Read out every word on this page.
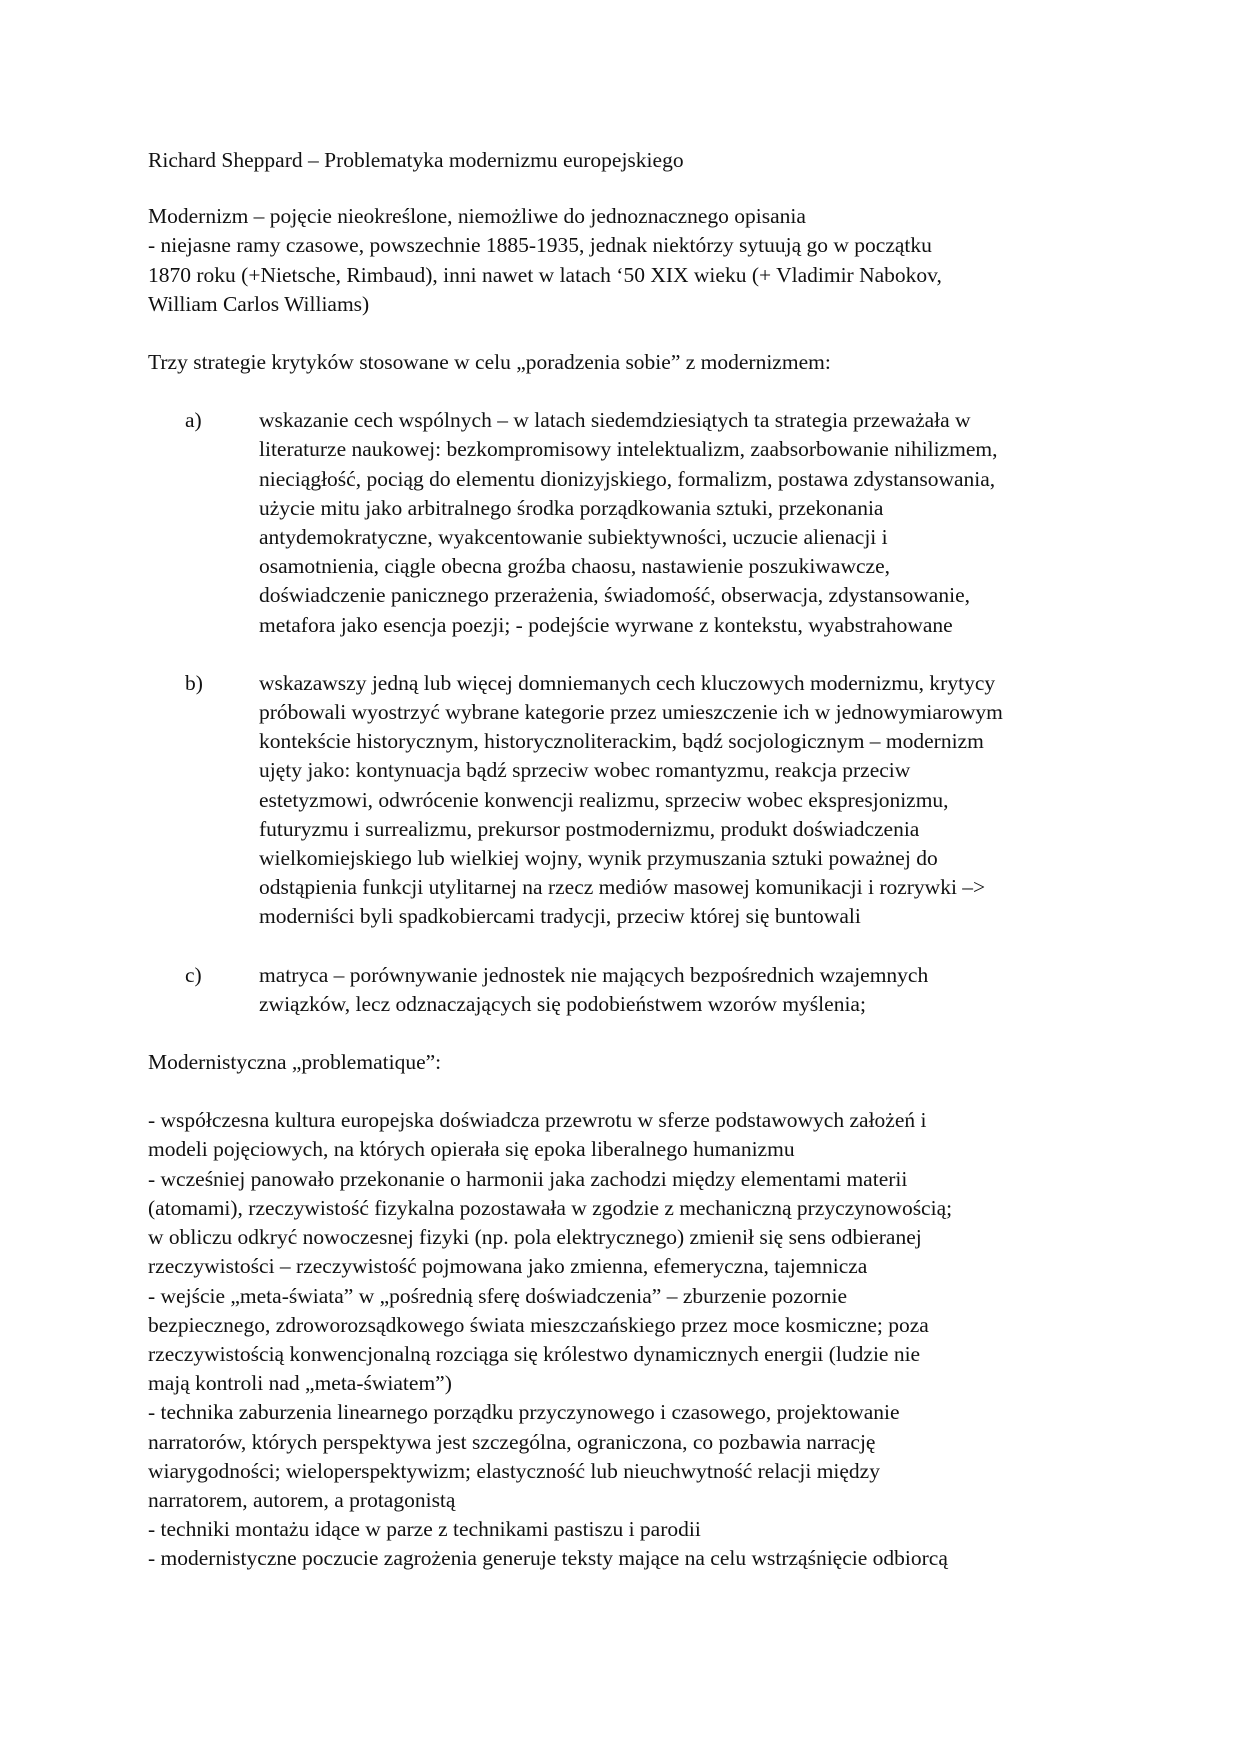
Richard Sheppard – Problematyka modernizmu europejskiego
Modernizm – pojęcie nieokreślone, niemożliwe do jednoznacznego opisania
- niejasne ramy czasowe, powszechnie 1885-1935, jednak niektórzy sytuują go w początku
1870 roku (+Nietsche, Rimbaud), inni nawet w latach ‘50 XIX wieku (+ Vladimir Nabokov,
William Carlos Williams)
Trzy strategie krytyków stosowane w celu „poradzenia sobie” z modernizmem:
a)	wskazanie cech wspólnych – w latach siedemdziesiątych ta strategia przeważała w
literaturze naukowej: bezkompromisowy intelektualizm, zaabsorbowanie nihilizmem,
nieciągłość, pociąg do elementu dionizyjskiego, formalizm, postawa zdystansowania,
użycie mitu jako arbitralnego środka porządkowania sztuki, przekonania
antydemokratyczne, wyakcentowanie subiektywności, uczucie alienacji i
osamotnienia, ciągle obecna groźba chaosu, nastawienie poszukiwawcze,
doświadczenie panicznego przerażenia, świadomość, obserwacja, zdystansowanie,
metafora jako esencja poezji; - podejście wyrwane z kontekstu, wyabstrahowane
b)	wskazawszy jedną lub więcej domniemanych cech kluczowych modernizmu, krytycy
próbowali wyostrzyć wybrane kategorie przez umieszczenie ich w jednowymiarowym
kontekście historycznym, historycznoliterackim, bądź socjologicznym – modernizm
ujęty jako: kontynuacja bądź sprzeciw wobec romantyzmu, reakcja przeciw
estetyzmowi, odwrócenie konwencji realizmu, sprzeciw wobec ekspresjonizmu,
futuryzmu i surrealizmu, prekursor postmodernizmu, produkt doświadczenia
wielkomiejskiego lub wielkiej wojny, wynik przymuszania sztuki poważnej do
odstąpienia funkcji utylitarnej na rzecz mediów masowej komunikacji i rozrywki –>
moderniści byli spadkobiercami tradycji, przeciw której się buntowali
c)	matryca – porównywanie jednostek nie mających bezpośrednich wzajemnych
związków, lecz odznaczających się podobieństwem wzorów myślenia;
Modernistyczna „problematique”:
- współczesna kultura europejska doświadcza przewrotu w sferze podstawowych założeń i
modeli pojęciowych, na których opierała się epoka liberalnego humanizmu
- wcześniej panowało przekonanie o harmonii jaka zachodzi między elementami materii
(atomami), rzeczywistość fizykalna pozostawała w zgodzie z mechaniczną przyczynowością;
w obliczu odkryć nowoczesnej fizyki (np. pola elektrycznego) zmienił się sens odbieranej
rzeczywistości – rzeczywistość pojmowana jako zmienna, efemeryczna, tajemnicza
- wejście „meta-świata” w „pośrednią sferę doświadczenia” – zburzenie pozornie
bezpiecznego, zdroworozsądkowego świata mieszczańskiego przez moce kosmiczne; poza
rzeczywistością konwencjonalną rozciąga się królestwo dynamicznych energii (ludzie nie
mają kontroli nad „meta-światem”)
- technika zaburzenia linearnego porządku przyczynowego i czasowego, projektowanie
narratorów, których perspektywa jest szczególna, ograniczona, co pozbawia narrację
wiarygodności; wieloperspektywizm; elastyczność lub nieuchwytność relacji między
narratorem, autorem, a protagonistą
- techniki montażu idące w parze z technikami pastiszu i parodii
- modernistyczne poczucie zagrożenia generuje teksty mające na celu wstrząśnięcie odbiorcą
